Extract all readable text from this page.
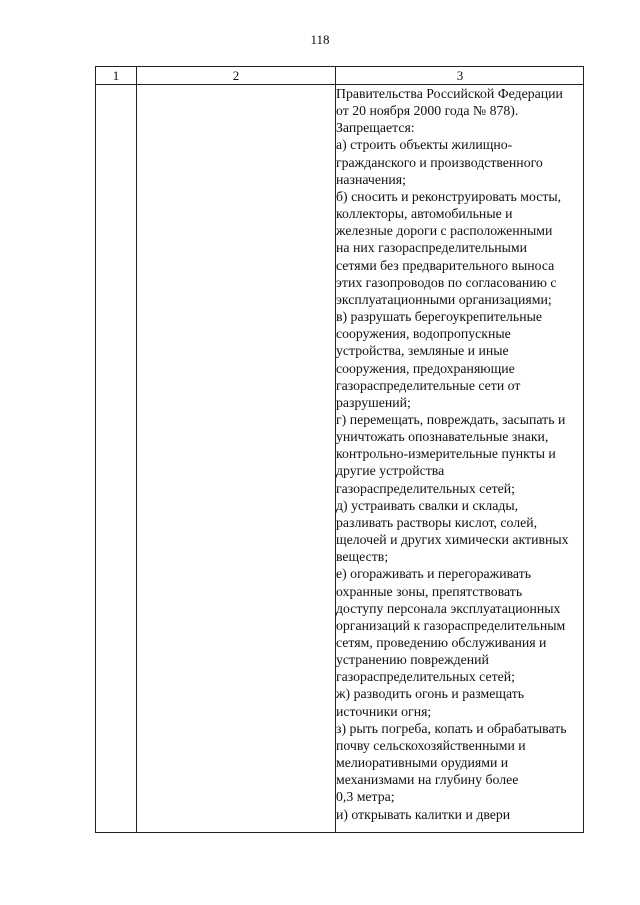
118
1	2	3
Правительства Российской Федерации
от 20 ноября 2000 года № 878).
Запрещается:
а) строить объекты жилищно-
гражданского и производственного
назначения;
б) сносить и реконструировать мосты,
коллекторы, автомобильные и
железные дороги с расположенными
на них газораспределительными
сетями без предварительного выноса
этих газопроводов по согласованию с
эксплуатационными организациями;
в) разрушать берегоукрепительные
сооружения, водопропускные
устройства, земляные и иные
сооружения, предохраняющие
газораспределительные сети от
разрушений;
г) перемещать, повреждать, засыпать и
уничтожать опознавательные знаки,
контрольно-измерительные пункты и
другие устройства
газораспределительных сетей;
д) устраивать свалки и склады,
разливать растворы кислот, солей,
щелочей и других химически активных
веществ;
е) огораживать и перегораживать
охранные зоны, препятствовать
доступу персонала эксплуатационных
организаций к газораспределительным
сетям, проведению обслуживания и
устранению повреждений
газораспределительных сетей;
ж) разводить огонь и размещать
источники огня;
з) рыть погреба, копать и обрабатывать
почву сельскохозяйственными и
мелиоративными орудиями и
механизмами на глубину более
0,3 метра;
и) открывать калитки и двери
